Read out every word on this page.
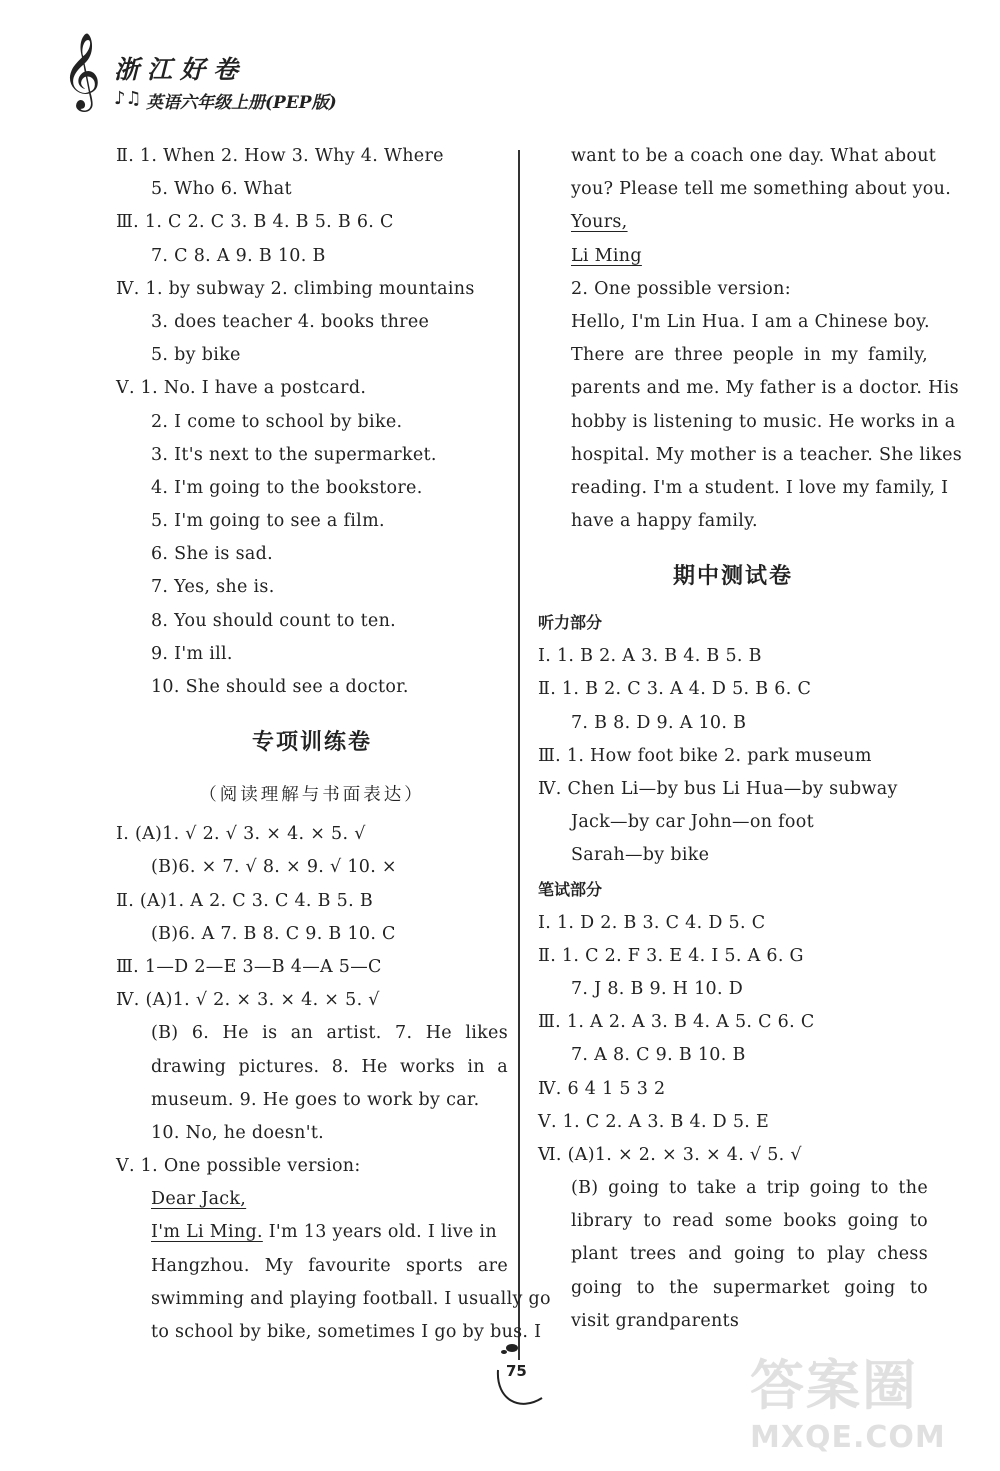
𝄞 浙江好卷
♪♫ 英语六年级上册(PEP版)
Ⅱ. 1. When 2. How 3. Why 4. Where
5. Who 6. What
Ⅲ. 1. C 2. C 3. B 4. B 5. B 6. C
7. C 8. A 9. B 10. B
Ⅳ. 1. by subway 2. climbing mountains
3. does teacher 4. books three
5. by bike
Ⅴ. 1. No. I have a postcard.
2. I come to school by bike.
3. It's next to the supermarket.
4. I'm going to the bookstore.
5. I'm going to see a film.
6. She is sad.
7. Yes, she is.
8. You should count to ten.
9. I'm ill.
10. She should see a doctor.
专项训练卷
（阅读理解与书面表达）
Ⅰ. (A)1. √ 2. √ 3. × 4. × 5. √
(B)6. × 7. √ 8. × 9. √ 10. ×
Ⅱ. (A)1. A 2. C 3. C 4. B 5. B
(B)6. A 7. B 8. C 9. B 10. C
Ⅲ. 1—D 2—E 3—B 4—A 5—C
Ⅳ. (A)1. √ 2. × 3. × 4. × 5. √
(B) 6. He is an artist. 7. He likes
drawing pictures. 8. He works in a
museum. 9. He goes to work by car.
10. No, he doesn't.
Ⅴ. 1. One possible version:
Dear Jack,
I'm Li Ming. I'm 13 years old. I live in
Hangzhou. My favourite sports are
swimming and playing football. I usually go
to school by bike, sometimes I go by bus. I
want to be a coach one day. What about
you? Please tell me something about you.
Yours,
Li Ming
2. One possible version:
Hello, I'm Lin Hua. I am a Chinese boy.
There are three people in my family,
parents and me. My father is a doctor. His
hobby is listening to music. He works in a
hospital. My mother is a teacher. She likes
reading. I'm a student. I love my family, I
have a happy family.
期中测试卷
听力部分
Ⅰ. 1. B 2. A 3. B 4. B 5. B
Ⅱ. 1. B 2. C 3. A 4. D 5. B 6. C
7. B 8. D 9. A 10. B
Ⅲ. 1. How foot bike 2. park museum
Ⅳ. Chen Li—by bus Li Hua—by subway
Jack—by car John—on foot
Sarah—by bike
笔试部分
Ⅰ. 1. D 2. B 3. C 4. D 5. C
Ⅱ. 1. C 2. F 3. E 4. I 5. A 6. G
7. J 8. B 9. H 10. D
Ⅲ. 1. A 2. A 3. B 4. A 5. C 6. C
7. A 8. C 9. B 10. B
Ⅳ. 6 4 1 5 3 2
Ⅴ. 1. C 2. A 3. B 4. D 5. E
Ⅵ. (A)1. × 2. × 3. × 4. √ 5. √
(B) going to take a trip going to the
library to read some books going to
plant trees and going to play chess
going to the supermarket going to
visit grandparents
75	答案圈
MXQE.COM
